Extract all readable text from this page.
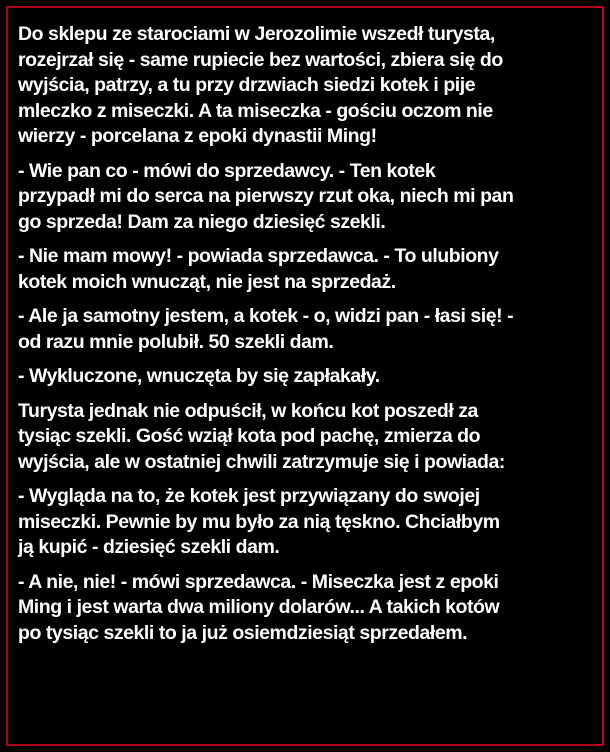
Do sklepu ze starociami w Jerozolimie wszedł turysta,
rozejrzał się - same rupiecie bez wartości, zbiera się do
wyjścia, patrzy, a tu przy drzwiach siedzi kotek i pije
mleczko z miseczki. A ta miseczka - gościu oczom nie
wierzy - porcelana z epoki dynastii Ming!

- Wie pan co - mówi do sprzedawcy. - Ten kotek
przypadł mi do serca na pierwszy rzut oka, niech mi pan
go sprzeda! Dam za niego dziesięć szekli.

- Nie mam mowy! - powiada sprzedawca. - To ulubiony
kotek moich wnucząt, nie jest na sprzedaż.

- Ale ja samotny jestem, a kotek - o, widzi pan - łasi się! -
od razu mnie polubił. 50 szekli dam.

- Wykluczone, wnuczęta by się zapłakały.

Turysta jednak nie odpuścił, w końcu kot poszedł za
tysiąc szekli. Gość wziął kota pod pachę, zmierza do
wyjścia, ale w ostatniej chwili zatrzymuje się i powiada:

- Wygląda na to, że kotek jest przywiązany do swojej
miseczki. Pewnie by mu było za nią tęskno. Chciałbym
ją kupić - dziesięć szekli dam.

- A nie, nie! - mówi sprzedawca. - Miseczka jest z epoki
Ming i jest warta dwa miliony dolarów... A takich kotów
po tysiąc szekli to ja już osiemdziesiąt sprzedałem.
